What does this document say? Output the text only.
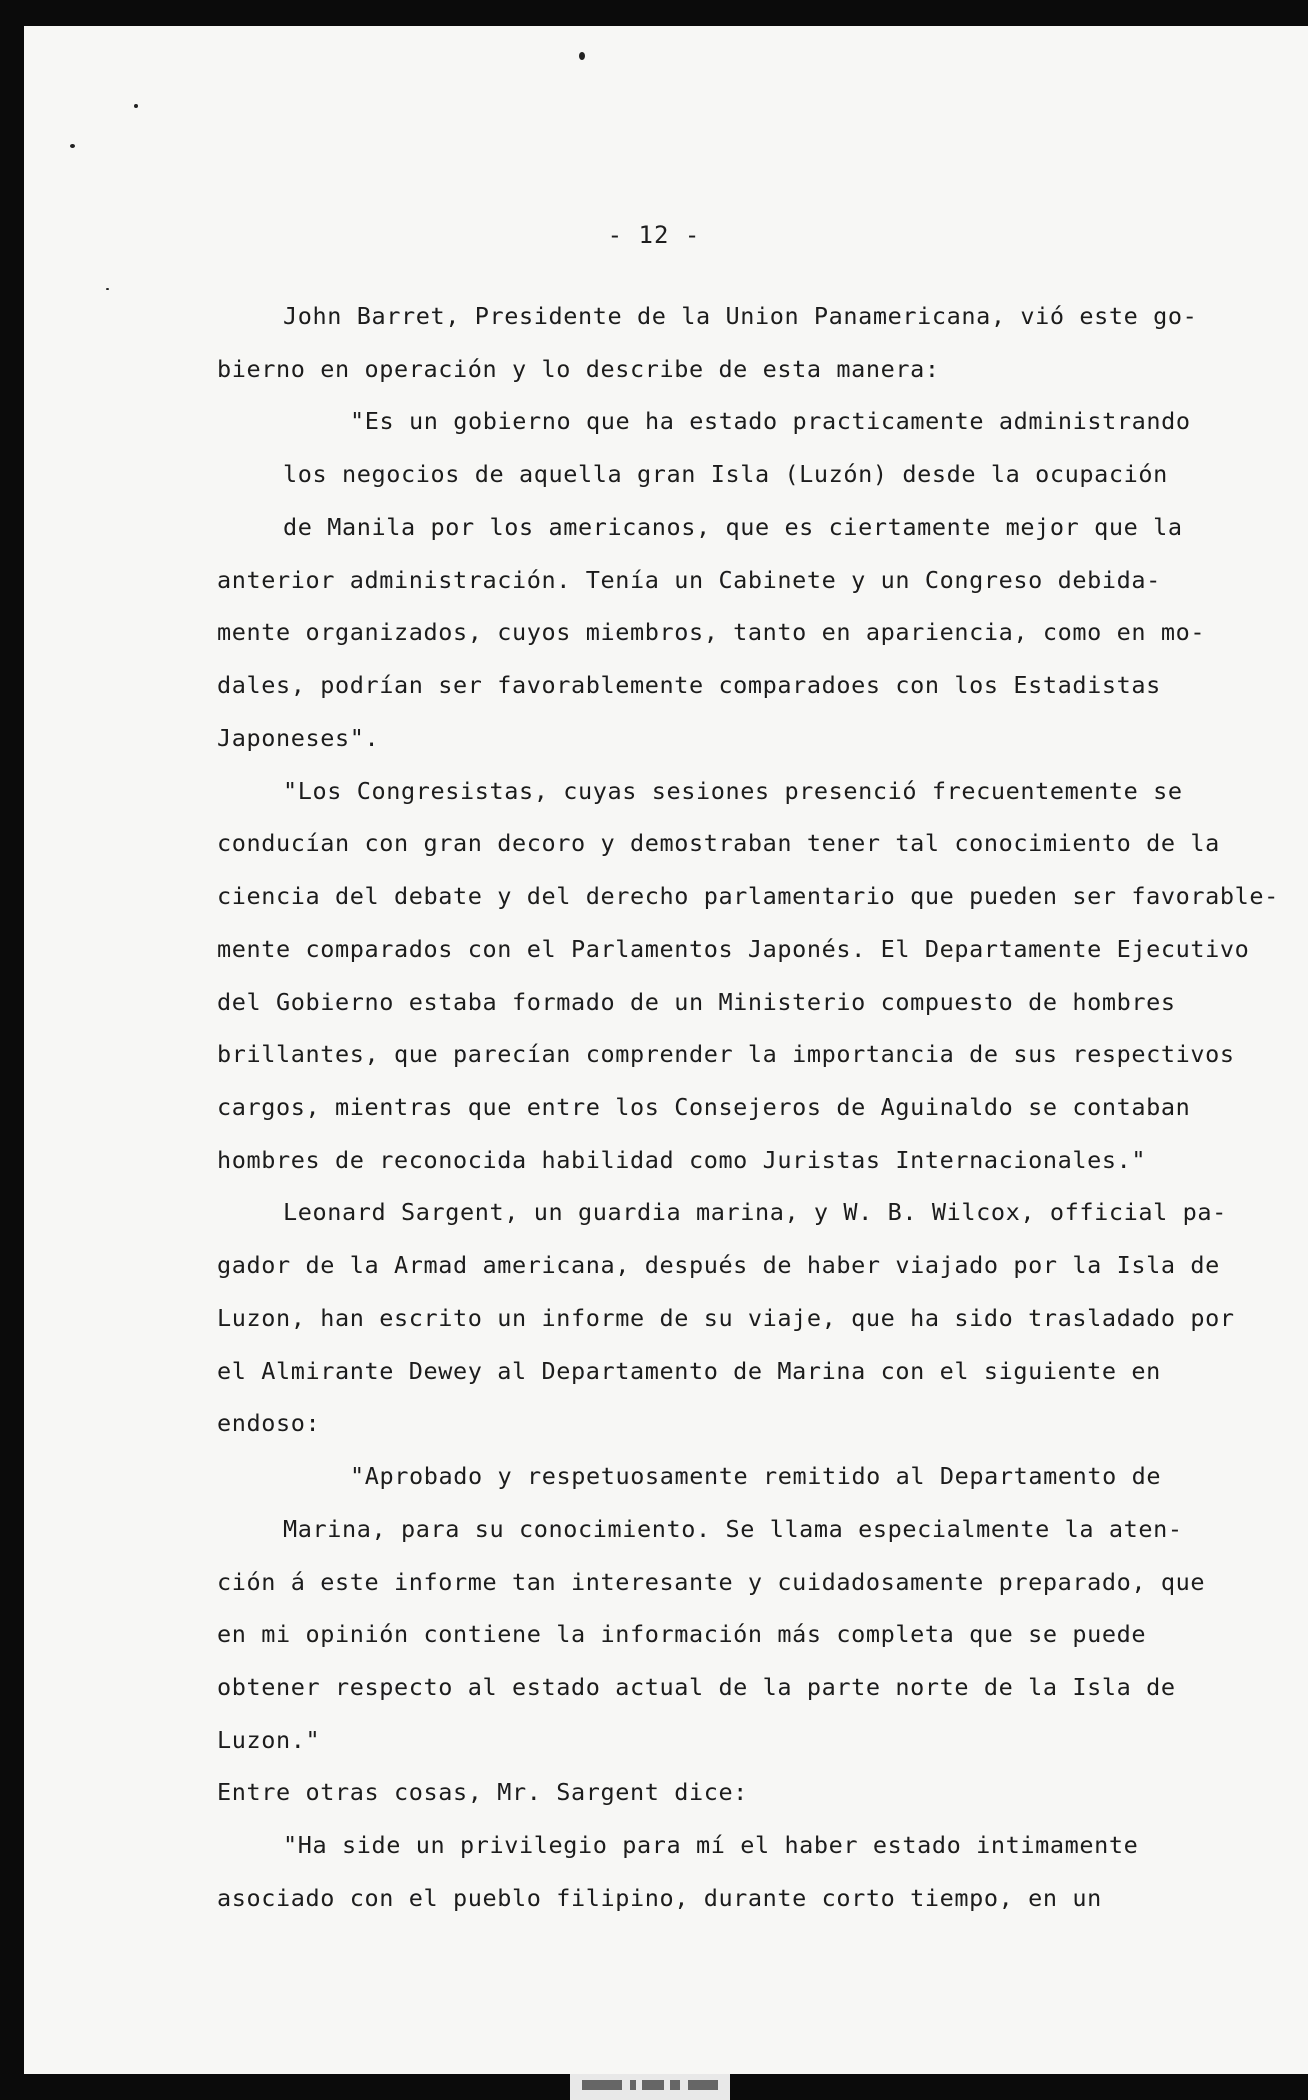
- 12 -
John Barret, Presidente de la Union Panamericana, vió este go-
bierno en operación y lo describe de esta manera:
"Es un gobierno que ha estado practicamente administrando
los negocios de aquella gran Isla (Luzón) desde la ocupación
de Manila por los americanos, que es ciertamente mejor que la
anterior administración. Tenía un Cabinete y un Congreso debida-
mente organizados, cuyos miembros, tanto en apariencia, como en mo-
dales, podrían ser favorablemente comparadoes con los Estadistas
Japoneses".
"Los Congresistas, cuyas sesiones presenció frecuentemente se
conducían con gran decoro y demostraban tener tal conocimiento de la
ciencia del debate y del derecho parlamentario que pueden ser favorable-
mente comparados con el Parlamentos Japonés. El Departamente Ejecutivo
del Gobierno estaba formado de un Ministerio compuesto de hombres
brillantes, que parecían comprender la importancia de sus respectivos
cargos, mientras que entre los Consejeros de Aguinaldo se contaban
hombres de reconocida habilidad como Juristas Internacionales."
Leonard Sargent, un guardia marina, y W. B. Wilcox, official pa-
gador de la Armad americana, después de haber viajado por la Isla de
Luzon, han escrito un informe de su viaje, que ha sido trasladado por
el Almirante Dewey al Departamento de Marina con el siguiente en
endoso:
"Aprobado y respetuosamente remitido al Departamento de
Marina, para su conocimiento. Se llama especialmente la aten-
ción á este informe tan interesante y cuidadosamente preparado, que
en mi opinión contiene la información más completa que se puede
obtener respecto al estado actual de la parte norte de la Isla de
Luzon."
Entre otras cosas, Mr. Sargent dice:
"Ha side un privilegio para mí el haber estado intimamente
asociado con el pueblo filipino, durante corto tiempo, en un
